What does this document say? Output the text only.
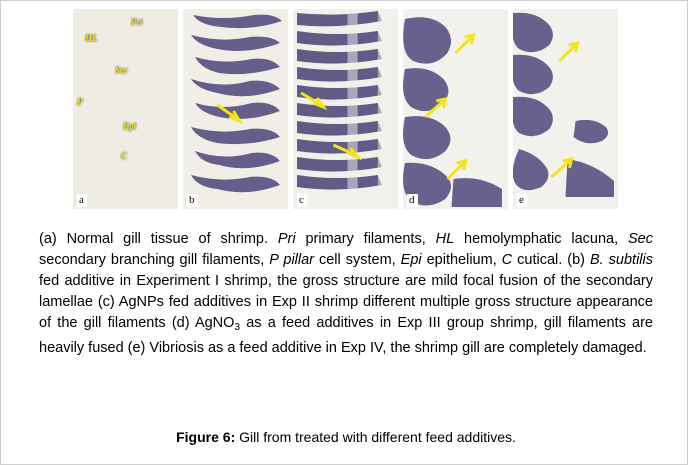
Pri
HL
Sec
P
Epi
C
a	b	c	d	e
(a) Normal gill tissue of shrimp. Pri primary filaments, HL hemolymphatic lacuna, Sec secondary branching gill filaments, P pillar cell system, Epi epithelium, C cutical. (b) B. subtilis fed additive in Experiment I shrimp, the gross structure are mild focal fusion of the secondary lamellae (c) AgNPs fed additives in Exp II shrimp different multiple gross structure appearance of the gill filaments (d) AgNO$_3$ as a feed additives in Exp III group shrimp, gill filaments are heavily fused (e) Vibriosis as a feed additive in Exp IV, the shrimp gill are completely damaged.
Figure 6: Gill from treated with different feed additives.
